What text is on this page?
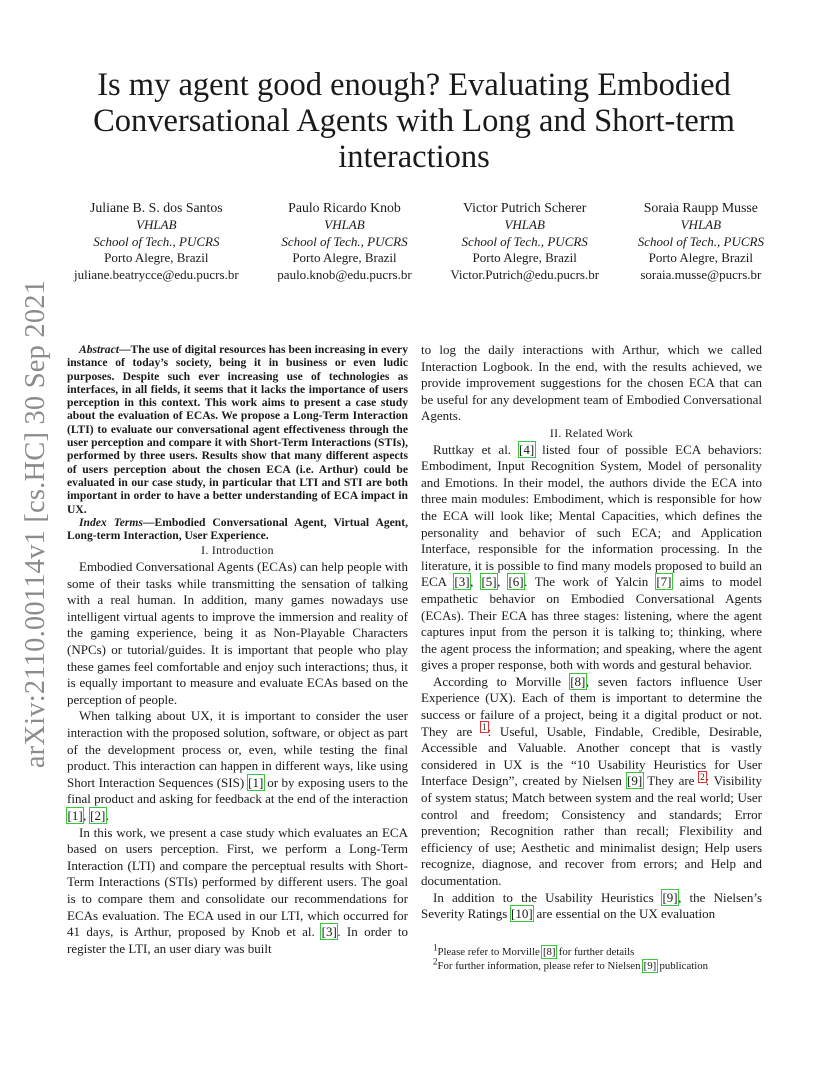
arXiv:2110.00114v1 [cs.HC] 30 Sep 2021
Is my agent good enough? Evaluating Embodied Conversational Agents with Long and Short-term interactions
Juliane B. S. dos Santos
VHLAB
School of Tech., PUCRS
Porto Alegre, Brazil
juliane.beatrycce@edu.pucrs.br
Paulo Ricardo Knob
VHLAB
School of Tech., PUCRS
Porto Alegre, Brazil
paulo.knob@edu.pucrs.br
Victor Putrich Scherer
VHLAB
School of Tech., PUCRS
Porto Alegre, Brazil
Victor.Putrich@edu.pucrs.br
Soraia Raupp Musse
VHLAB
School of Tech., PUCRS
Porto Alegre, Brazil
soraia.musse@pucrs.br

Abstract—The use of digital resources has been increasing in every instance of today’s society, being it in business or even ludic purposes. Despite such ever increasing use of technologies as interfaces, in all fields, it seems that it lacks the importance of users perception in this context. This work aims to present a case study about the evaluation of ECAs. We propose a Long-Term Interaction (LTI) to evaluate our conversational agent effectiveness through the user perception and compare it with Short-Term Interactions (STIs), performed by three users. Results show that many different aspects of users perception about the chosen ECA (i.e. Arthur) could be evaluated in our case study, in particular that LTI and STI are both important in order to have a better understanding of ECA impact in UX.

Index Terms—Embodied Conversational Agent, Virtual Agent, Long-term Interaction, User Experience.

I. Introduction

Embodied Conversational Agents (ECAs) can help people with some of their tasks while transmitting the sensation of talking with a real human. In addition, many games nowadays use intelligent virtual agents to improve the immersion and reality of the gaming experience, being it as Non-Playable Characters (NPCs) or tutorial/guides. It is important that people who play these games feel comfortable and enjoy such interactions; thus, it is equally important to measure and evaluate ECAs based on the perception of people.

When talking about UX, it is important to consider the user interaction with the proposed solution, software, or object as part of the development process or, even, while testing the final product. This interaction can happen in different ways, like using Short Interaction Sequences (SIS) [1] or by exposing users to the final product and asking for feedback at the end of the interaction [1], [2].

In this work, we present a case study which evaluates an ECA based on users perception. First, we perform a Long-Term Interaction (LTI) and compare the perceptual results with Short-Term Interactions (STIs) performed by different users. The goal is to compare them and consolidate our recommendations for ECAs evaluation. The ECA used in our LTI, which occurred for 41 days, is Arthur, proposed by Knob et al. [3]. In order to register the LTI, an user diary was built

to log the daily interactions with Arthur, which we called Interaction Logbook. In the end, with the results achieved, we provide improvement suggestions for the chosen ECA that can be useful for any development team of Embodied Conversational Agents.

II. Related Work

Ruttkay et al. [4] listed four of possible ECA behaviors: Embodiment, Input Recognition System, Model of personality and Emotions. In their model, the authors divide the ECA into three main modules: Embodiment, which is responsible for how the ECA will look like; Mental Capacities, which defines the personality and behavior of such ECA; and Application Interface, responsible for the information processing. In the literature, it is possible to find many models proposed to build an ECA [3], [5], [6]. The work of Yalcin [7] aims to model empathetic behavior on Embodied Conversational Agents (ECAs). Their ECA has three stages: listening, where the agent captures input from the person it is talking to; thinking, where the agent process the information; and speaking, where the agent gives a proper response, both with words and gestural behavior.

According to Morville [8], seven factors influence User Experience (UX). Each of them is important to determine the success or failure of a project, being it a digital product or not. They are $^1$: Useful, Usable, Findable, Credible, Desirable, Accessible and Valuable. Another concept that is vastly considered in UX is the “10 Usability Heuristics for User Interface Design”, created by Nielsen [9] They are $^2$: Visibility of system status; Match between system and the real world; User control and freedom; Consistency and standards; Error prevention; Recognition rather than recall; Flexibility and efficiency of use; Aesthetic and minimalist design; Help users recognize, diagnose, and recover from errors; and Help and documentation.

In addition to the Usability Heuristics [9], the Nielsen’s Severity Ratings [10] are essential on the UX evaluation

$^1$Please refer to Morville [8] for further details
$^2$For further information, please refer to Nielsen [9] publication
